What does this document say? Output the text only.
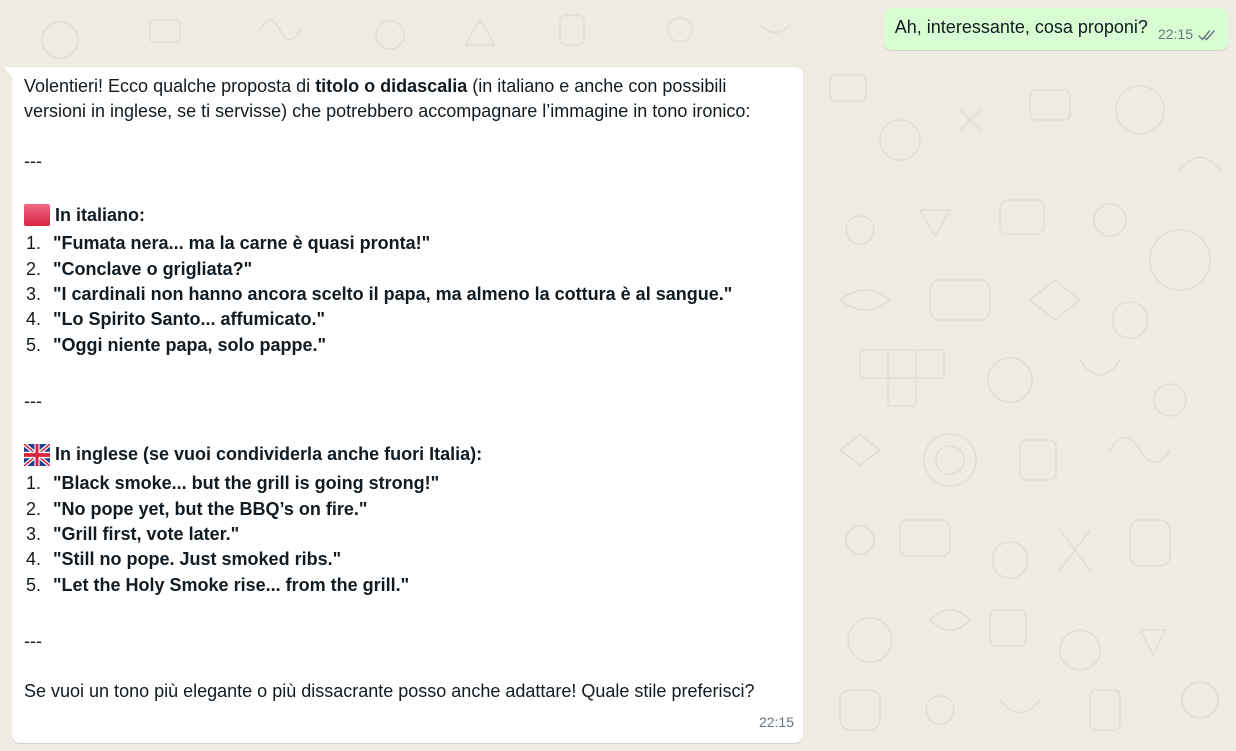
Ah, interessante, cosa proponi? 22:15

Volentieri! Ecco qualche proposta di titolo o didascalia (in italiano e anche con possibili versioni in inglese, se ti servisse) che potrebbero accompagnare l’immagine in tono ironico:

---

In italiano:

1. "Fumata nera... ma la carne è quasi pronta!"
2. "Conclave o grigliata?"
3. "I cardinali non hanno ancora scelto il papa, ma almeno la cottura è al sangue."
4. "Lo Spirito Santo... affumicato."
5. "Oggi niente papa, solo pappe."

---

In inglese (se vuoi condividerla anche fuori Italia):

1. "Black smoke... but the grill is going strong!"
2. "No pope yet, but the BBQ’s on fire."
3. "Grill first, vote later."
4. "Still no pope. Just smoked ribs."
5. "Let the Holy Smoke rise... from the grill."

---

Se vuoi un tono più elegante o più dissacrante posso anche adattare! Quale stile preferisci?

22:15
